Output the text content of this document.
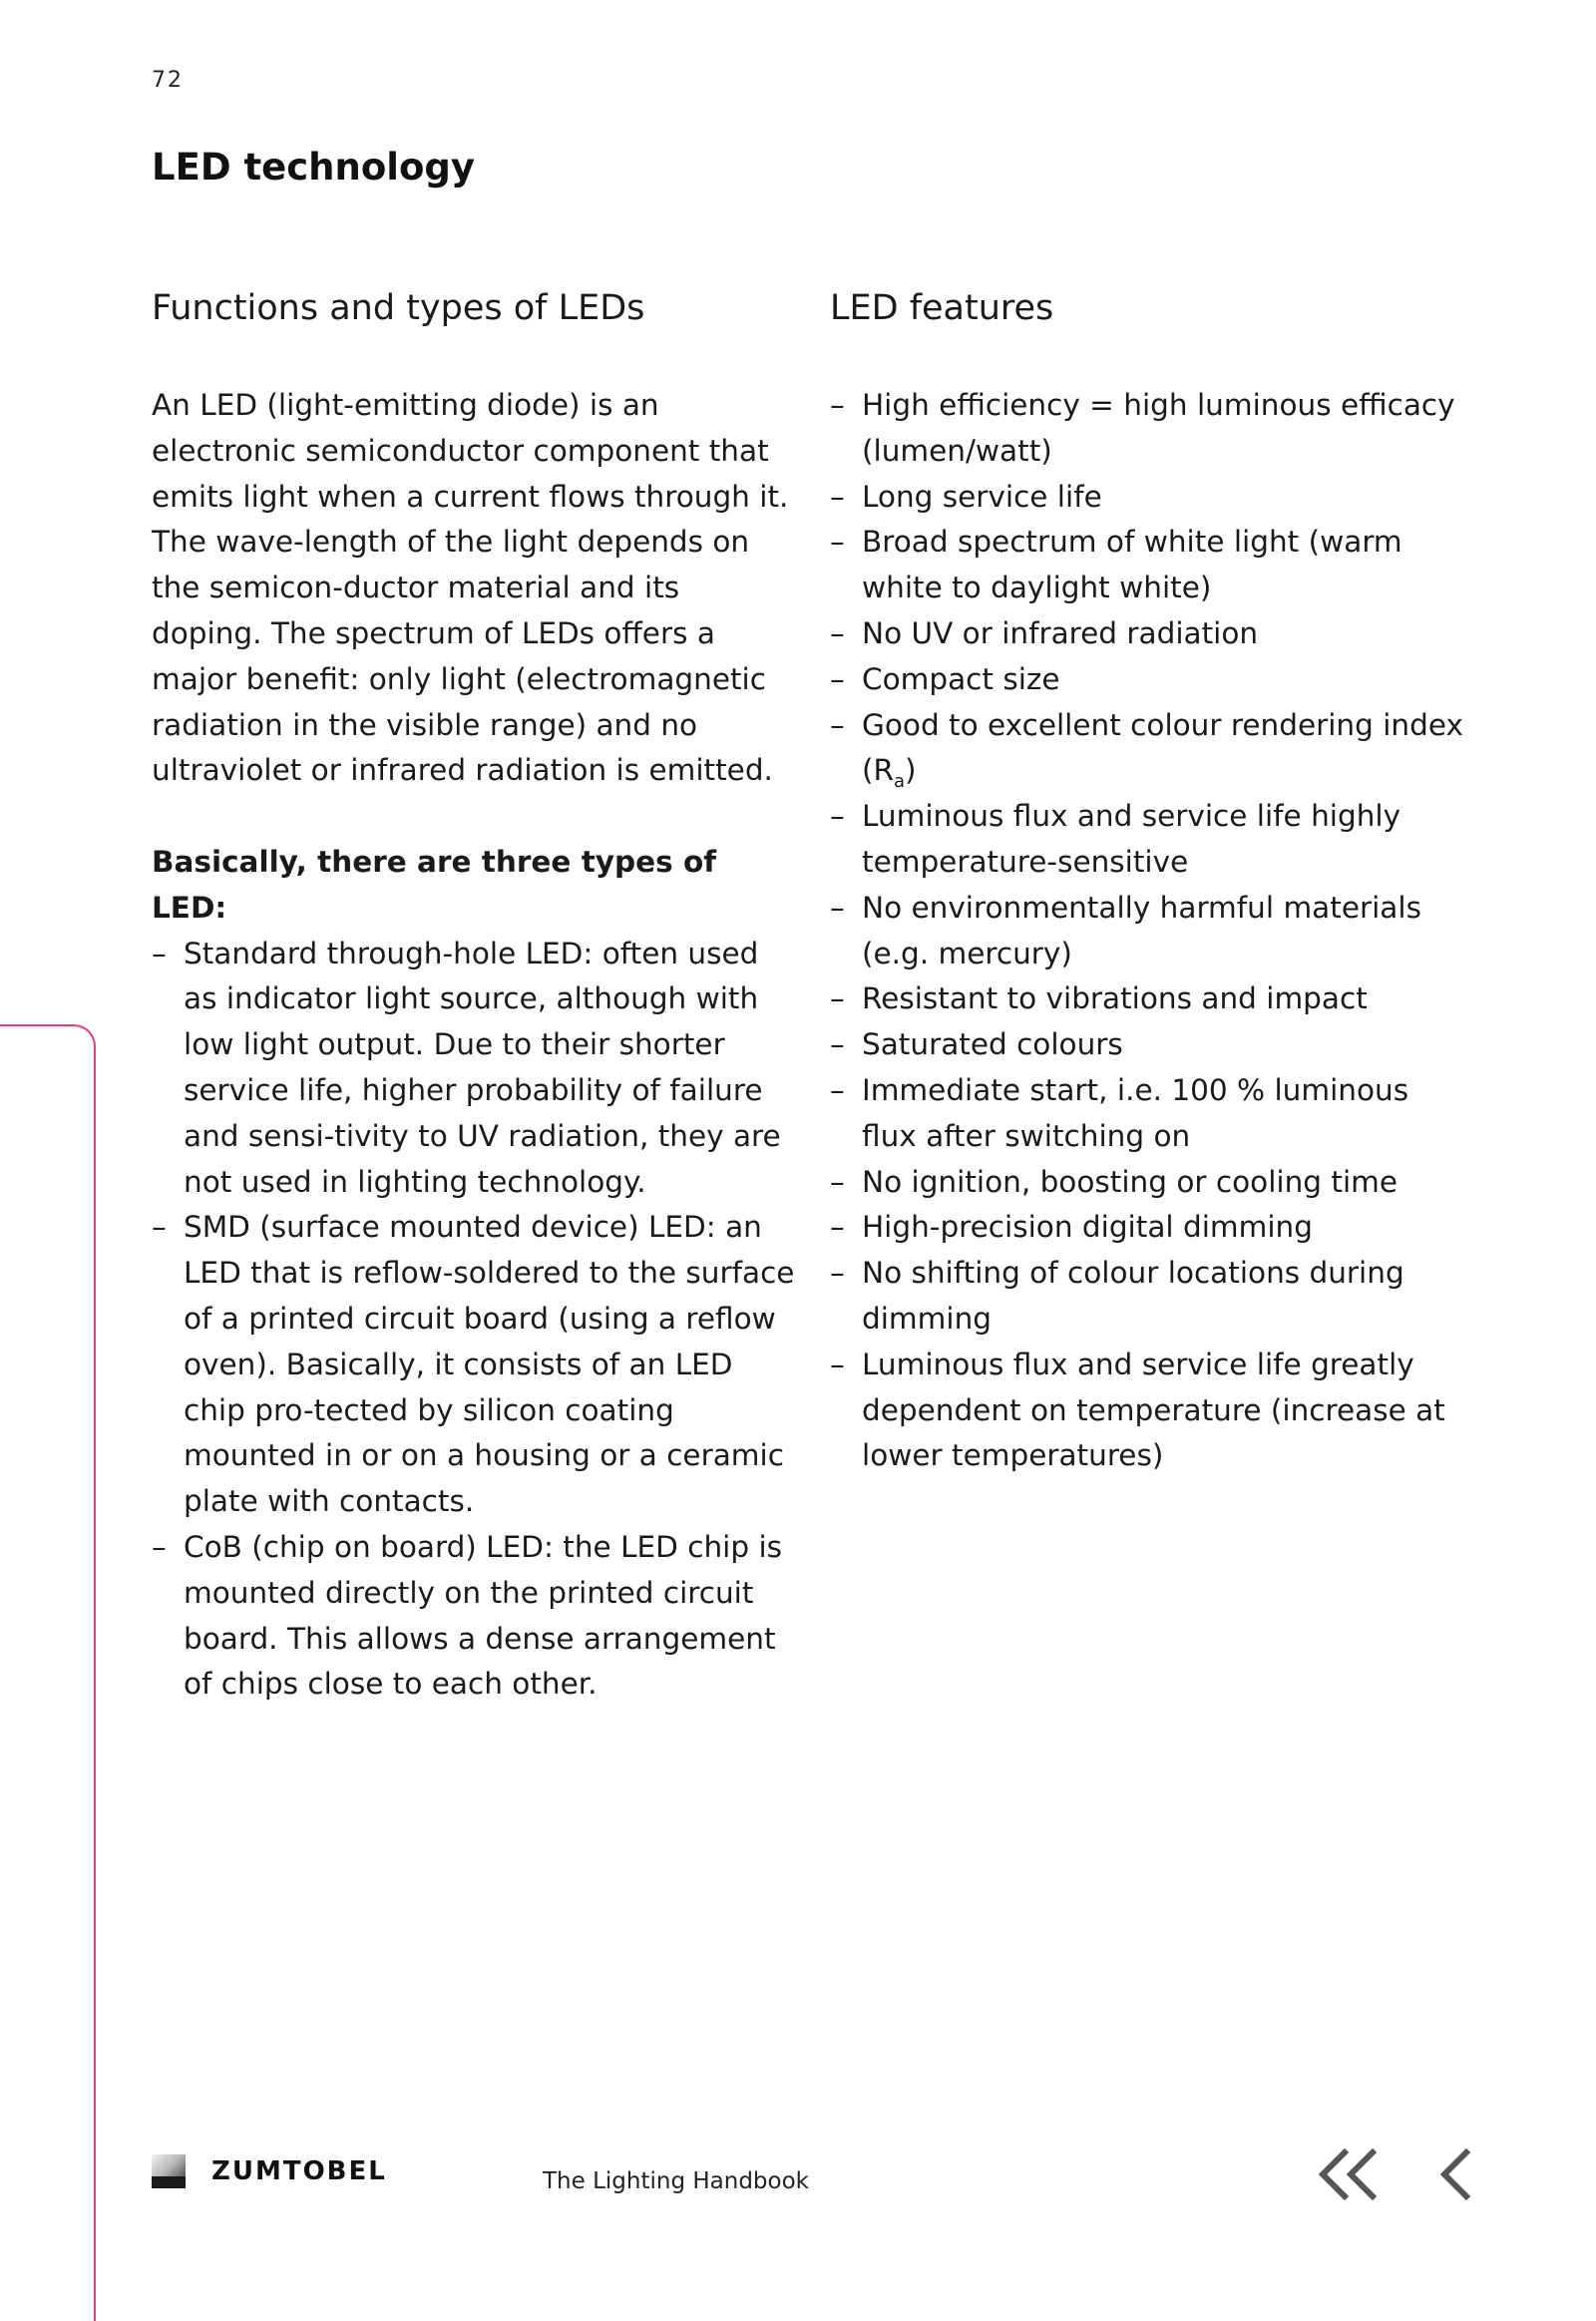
72
LED technology
Functions and types of LEDs

An LED (light-emitting diode) is an electronic semiconductor component that emits light when a current flows through it. The wave-length of the light depends on the semicon-ductor material and its doping. The spectrum of LEDs offers a major benefit: only light (electromagnetic radiation in the visible range) and no ultraviolet or infrared radiation is emitted.

Basically, there are three types of LED:
– Standard through-hole LED: often used as indicator light source, although with low light output. Due to their shorter service life, higher probability of failure and sensi-tivity to UV radiation, they are not used in lighting technology.
– SMD (surface mounted device) LED: an LED that is reflow-soldered to the surface of a printed circuit board (using a reflow oven). Basically, it consists of an LED chip pro-tected by silicon coating mounted in or on a housing or a ceramic plate with contacts.
– CoB (chip on board) LED: the LED chip is mounted directly on the printed circuit board. This allows a dense arrangement of chips close to each other.
LED features
– High efficiency = high luminous efficacy (lumen/watt)
– Long service life
– Broad spectrum of white light (warm white to daylight white)
– No UV or infrared radiation
– Compact size
– Good to excellent colour rendering index $(R_a)$
– Luminous flux and service life highly temperature-sensitive
– No environmentally harmful materials (e.g. mercury)
– Resistant to vibrations and impact
– Saturated colours
– Immediate start, i.e. 100 % luminous flux after switching on
– No ignition, boosting or cooling time
– High-precision digital dimming
– No shifting of colour locations during dimming
– Luminous flux and service life greatly dependent on temperature (increase at lower temperatures)
ZUMTOBEL	The Lighting Handbook
